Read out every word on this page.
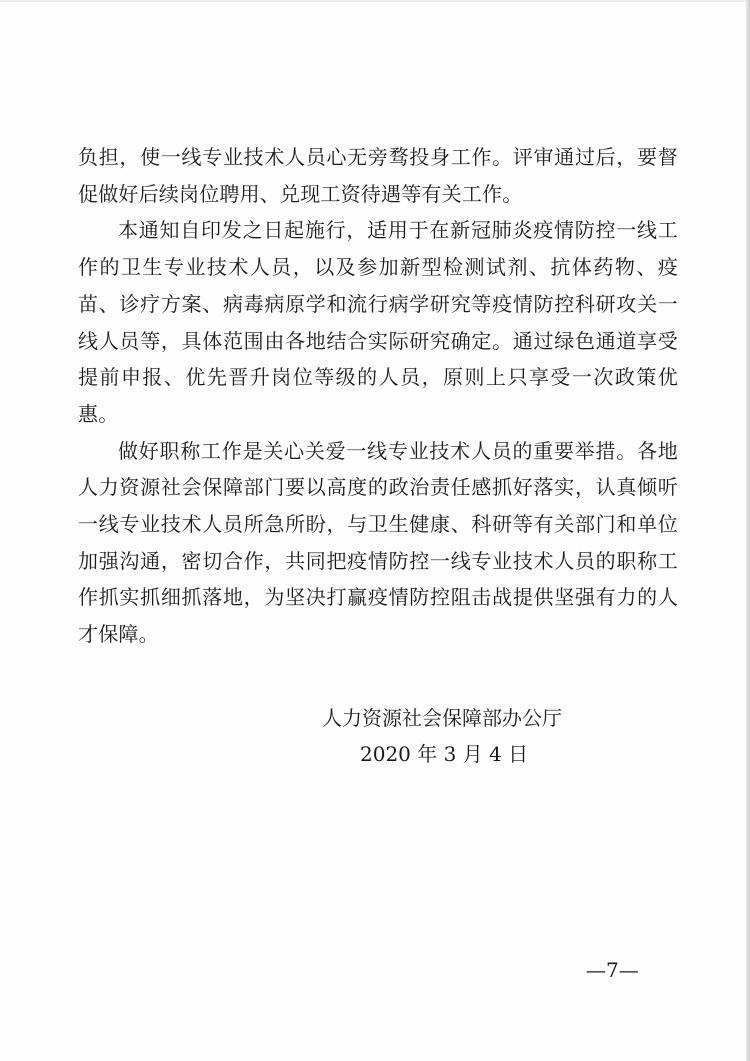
负担，使一线专业技术人员心无旁骛投身工作。评审通过后，要督促做好后续岗位聘用、兑现工资待遇等有关工作。

本通知自印发之日起施行，适用于在新冠肺炎疫情防控一线工作的卫生专业技术人员，以及参加新型检测试剂、抗体药物、疫苗、诊疗方案、病毒病原学和流行病学研究等疫情防控科研攻关一线人员等，具体范围由各地结合实际研究确定。通过绿色通道享受提前申报、优先晋升岗位等级的人员，原则上只享受一次政策优惠。

做好职称工作是关心关爱一线专业技术人员的重要举措。各地人力资源社会保障部门要以高度的政治责任感抓好落实，认真倾听一线专业技术人员所急所盼，与卫生健康、科研等有关部门和单位加强沟通，密切合作，共同把疫情防控一线专业技术人员的职称工作抓实抓细抓落地，为坚决打赢疫情防控阻击战提供坚强有力的人才保障。

人力资源社会保障部办公厅
2020 年 3 月 4 日
—7—
